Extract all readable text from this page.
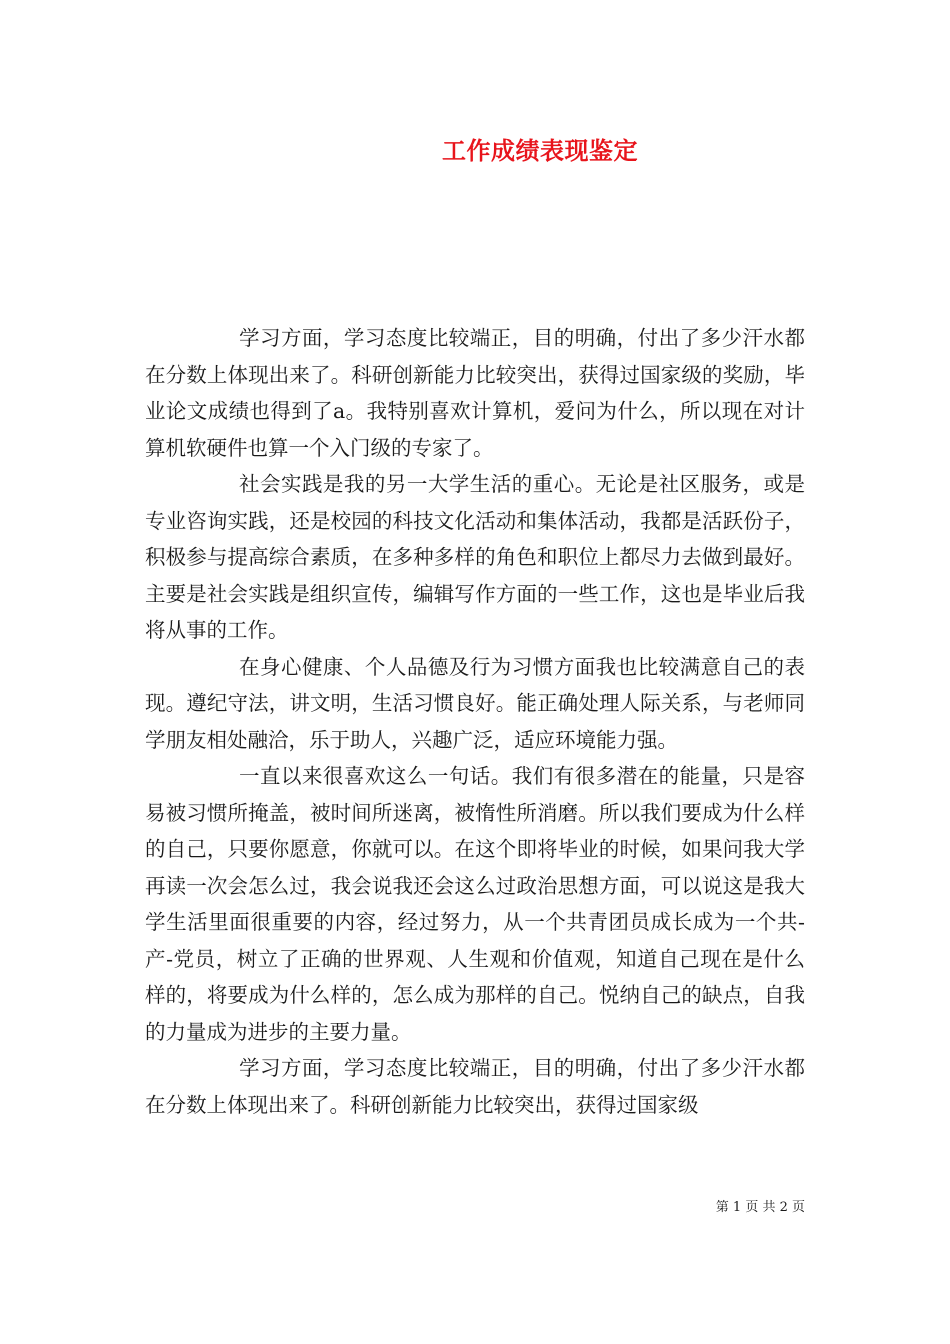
工作成绩表现鉴定

学习方面，学习态度比较端正，目的明确，付出了多少汗水都在分数上体现出来了。科研创新能力比较突出，获得过国家级的奖励，毕业论文成绩也得到了a。我特别喜欢计算机，爱问为什么，所以现在对计算机软硬件也算一个入门级的专家了。

社会实践是我的另一大学生活的重心。无论是社区服务，或是专业咨询实践，还是校园的科技文化活动和集体活动，我都是活跃份子，积极参与提高综合素质，在多种多样的角色和职位上都尽力去做到最好。主要是社会实践是组织宣传，编辑写作方面的一些工作，这也是毕业后我将从事的工作。

在身心健康、个人品德及行为习惯方面我也比较满意自己的表现。遵纪守法，讲文明，生活习惯良好。能正确处理人际关系，与老师同学朋友相处融洽，乐于助人，兴趣广泛，适应环境能力强。

一直以来很喜欢这么一句话。我们有很多潜在的能量，只是容易被习惯所掩盖，被时间所迷离，被惰性所消磨。所以我们要成为什么样的自己，只要你愿意，你就可以。在这个即将毕业的时候，如果问我大学再读一次会怎么过，我会说我还会这么过政治思想方面，可以说这是我大学生活里面很重要的内容，经过努力，从一个共青团员成长成为一个共-产-党员，树立了正确的世界观、人生观和价值观，知道自己现在是什么样的，将要成为什么样的，怎么成为那样的自己。悦纳自己的缺点，自我的力量成为进步的主要力量。

学习方面，学习态度比较端正，目的明确，付出了多少汗水都在分数上体现出来了。科研创新能力比较突出，获得过国家级

第 1 页 共 2 页
